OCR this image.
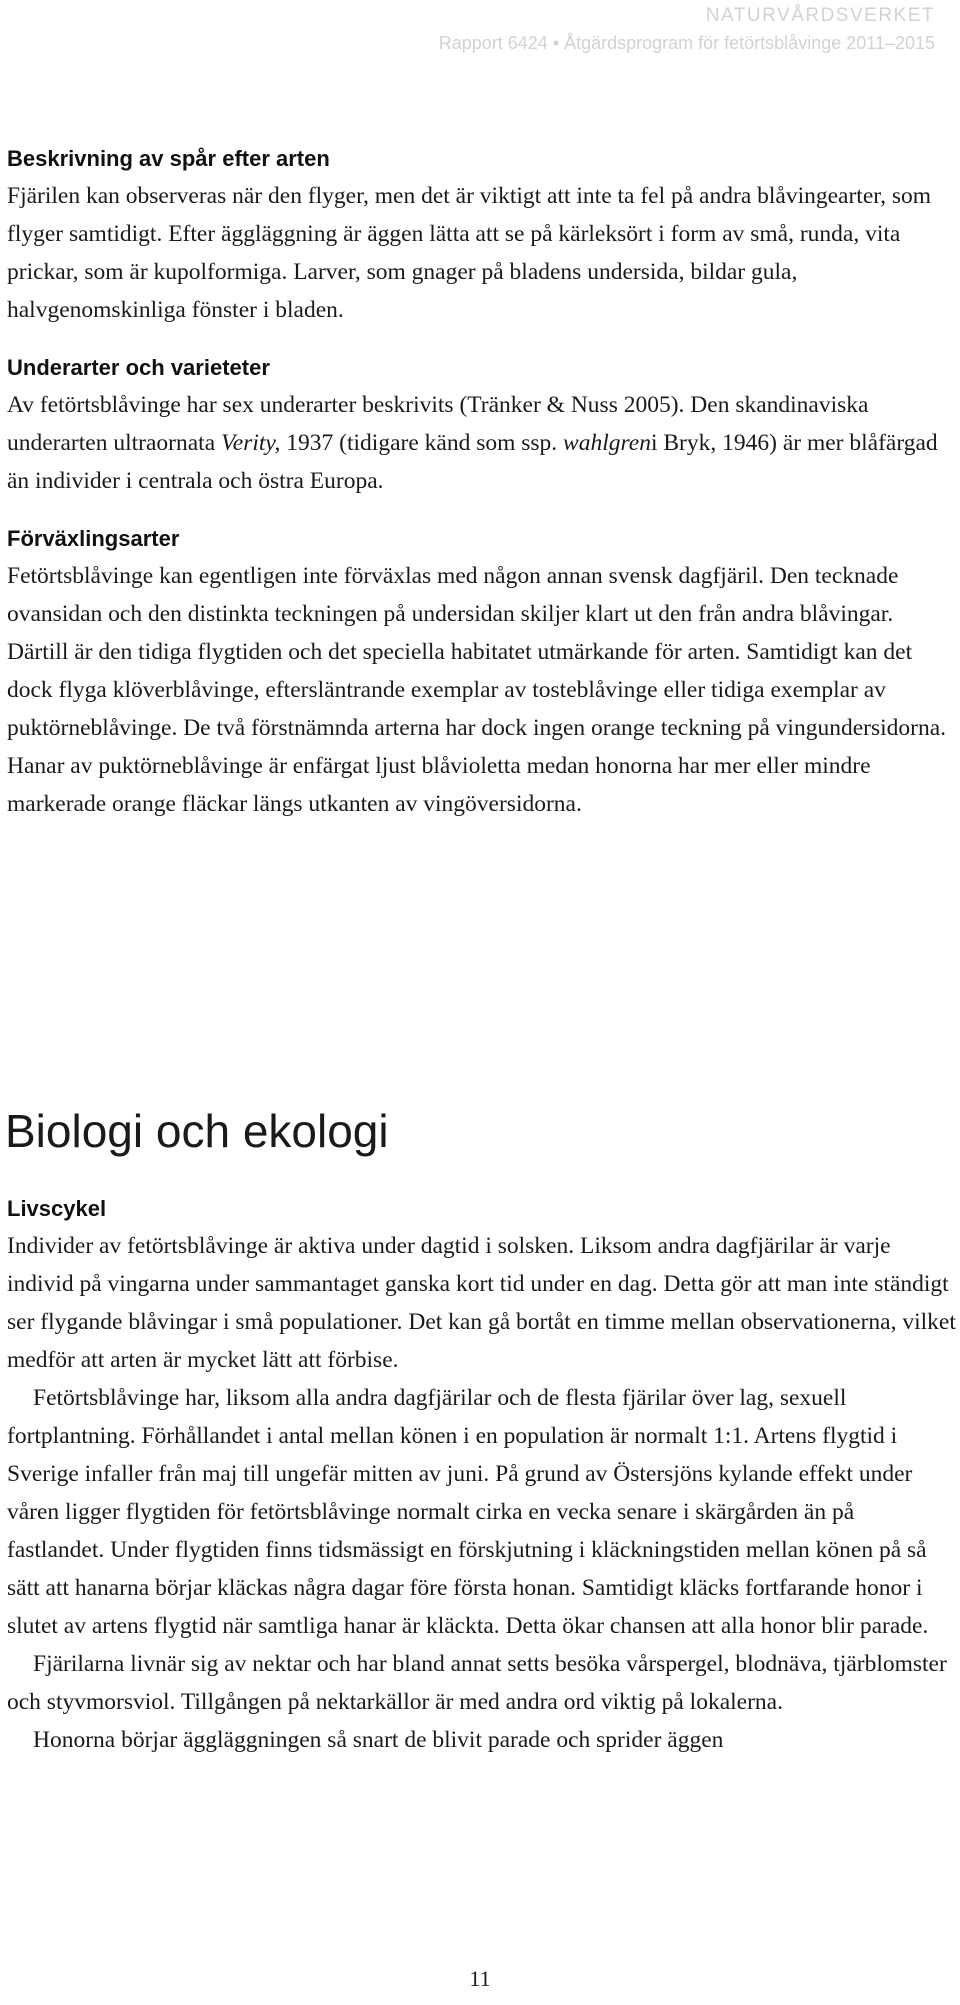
NATURVÅRDSVERKET
Rapport 6424 • Åtgärdsprogram för fetörtsblåvinge 2011–2015
Beskrivning av spår efter arten

Fjärilen kan observeras när den flyger, men det är viktigt att inte ta fel på andra blåvingearter, som flyger samtidigt. Efter äggläggning är äggen lätta att se på kärleksört i form av små, runda, vita prickar, som är kupolformiga. Larver, som gnager på bladens undersida, bildar gula, halvgenomskinliga fönster i bladen.

Underarter och varieteter

Av fetörtsblåvinge har sex underarter beskrivits (Tränker & Nuss 2005). Den skandinaviska underarten ultraornata Verity, 1937 (tidigare känd som ssp. wahlgreni Bryk, 1946) är mer blåfärgad än individer i centrala och östra Europa.

Förväxlingsarter

Fetörtsblåvinge kan egentligen inte förväxlas med någon annan svensk dagfjäril. Den tecknade ovansidan och den distinkta teckningen på undersidan skiljer klart ut den från andra blåvingar. Därtill är den tidiga flygtiden och det speciella habitatet utmärkande för arten. Samtidigt kan det dock flyga klöverblåvinge, eftersläntrande exemplar av tosteblåvinge eller tidiga exemplar av puktörneblåvinge. De två förstnämnda arterna har dock ingen orange teckning på vingundersidorna. Hanar av puktörneblåvinge är enfärgat ljust blåvioletta medan honorna har mer eller mindre markerade orange fläckar längs utkanten av vingöversidorna.

Biologi och ekologi
Livscykel

Individer av fetörtsblåvinge är aktiva under dagtid i solsken. Liksom andra dagfjärilar är varje individ på vingarna under sammantaget ganska kort tid under en dag. Detta gör att man inte ständigt ser flygande blåvingar i små populationer. Det kan gå bortåt en timme mellan observationerna, vilket medför att arten är mycket lätt att förbise.

Fetörtsblåvinge har, liksom alla andra dagfjärilar och de flesta fjärilar över lag, sexuell fortplantning. Förhållandet i antal mellan könen i en population är normalt 1:1. Artens flygtid i Sverige infaller från maj till ungefär mitten av juni. På grund av Östersjöns kylande effekt under våren ligger flygtiden för fetörtsblåvinge normalt cirka en vecka senare i skärgården än på fastlandet. Under flygtiden finns tidsmässigt en förskjutning i kläckningstiden mellan könen på så sätt att hanarna börjar kläckas några dagar före första honan. Samtidigt kläcks fortfarande honor i slutet av artens flygtid när samtliga hanar är kläckta. Detta ökar chansen att alla honor blir parade.

Fjärilarna livnär sig av nektar och har bland annat setts besöka vårspergel, blodnäva, tjärblomster och styvmorsviol. Tillgången på nektarkällor är med andra ord viktig på lokalerna.

Honorna börjar äggläggningen så snart de blivit parade och sprider äggen

11
